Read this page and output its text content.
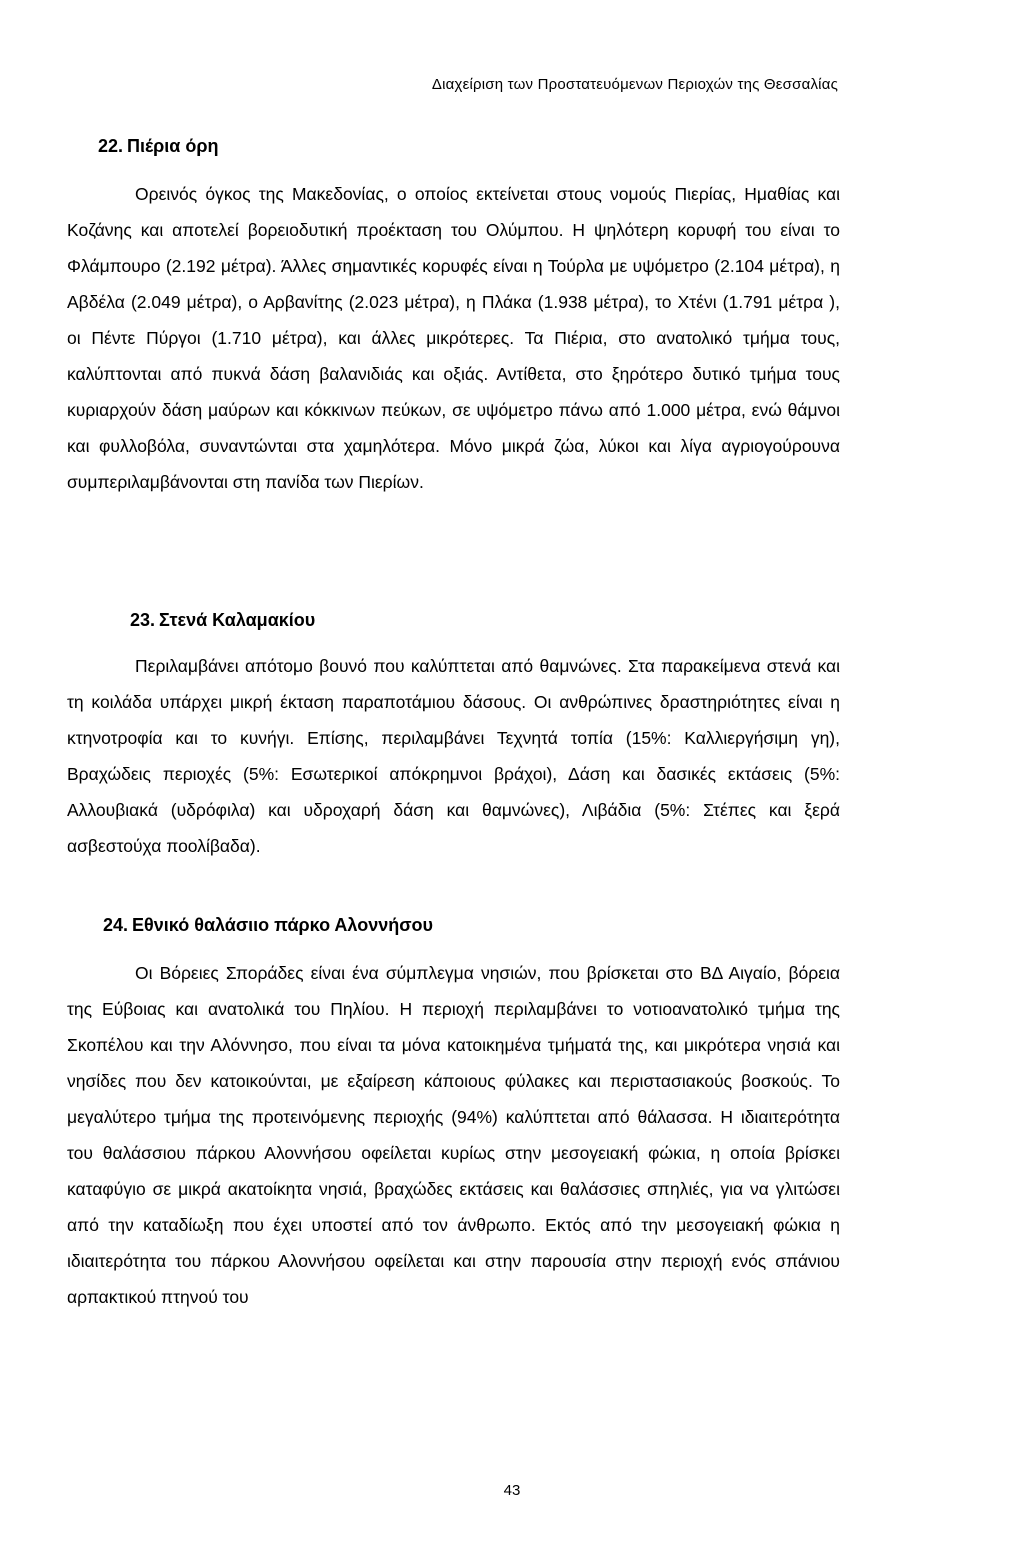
Διαχείριση των Προστατευόμενων Περιοχών της Θεσσαλίας
22. Πιέρια όρη

Ορεινός όγκος της Μακεδονίας, ο οποίος εκτείνεται στους νομούς Πιερίας, Ημαθίας και Κοζάνης και αποτελεί βορειοδυτική προέκταση του Ολύμπου. Η ψηλότερη κορυφή του είναι το Φλάμπουρο (2.192 μέτρα). Άλλες σημαντικές κορυφές είναι η Τούρλα με υψόμετρο (2.104 μέτρα), η Αβδέλα (2.049 μέτρα), ο Αρβανίτης (2.023 μέτρα), η Πλάκα (1.938 μέτρα), το Χτένι (1.791 μέτρα ), οι Πέντε Πύργοι (1.710 μέτρα), και άλλες μικρότερες. Τα Πιέρια, στο ανατολικό τμήμα τους, καλύπτονται από πυκνά δάση βαλανιδιάς και οξιάς. Αντίθετα, στο ξηρότερο δυτικό τμήμα τους κυριαρχούν δάση μαύρων και κόκκινων πεύκων, σε υψόμετρο πάνω από 1.000 μέτρα, ενώ θάμνοι και φυλλοβόλα, συναντώνται στα χαμηλότερα. Μόνο μικρά ζώα, λύκοι και λίγα αγριογούρουνα συμπεριλαμβάνονται στη πανίδα των Πιερίων.

23. Στενά Καλαμακίου

Περιλαμβάνει απότομο βουνό που καλύπτεται από θαμνώνες. Στα παρακείμενα στενά και τη κοιλάδα υπάρχει μικρή έκταση παραποτάμιου δάσους. Οι ανθρώπινες δραστηριότητες είναι η κτηνοτροφία και το κυνήγι. Επίσης, περιλαμβάνει Τεχνητά τοπία (15%: Καλλιεργήσιμη γη), Βραχώδεις περιοχές (5%: Εσωτερικοί απόκρημνοι βράχοι), Δάση και δασικές εκτάσεις (5%: Αλλουβιακά (υδρόφιλα) και υδροχαρή δάση και θαμνώνες), Λιβάδια (5%: Στέπες και ξερά ασβεστούχα ποολίβαδα).

24. Εθνικό θαλάσιιο πάρκο Αλοννήσου

Οι Βόρειες Σποράδες είναι ένα σύμπλεγμα νησιών, που βρίσκεται στο ΒΔ Αιγαίο, βόρεια της Εύβοιας και ανατολικά του Πηλίου. Η περιοχή περιλαμβάνει το νοτιοανατολικό τμήμα της Σκοπέλου και την Αλόννησο, που είναι τα μόνα κατοικημένα τμήματά της, και μικρότερα νησιά και νησίδες που δεν κατοικούνται, με εξαίρεση κάποιους φύλακες και περιστασιακούς βοσκούς. Το μεγαλύτερο τμήμα της προτεινόμενης περιοχής (94%) καλύπτεται από θάλασσα. Η ιδιαιτερότητα του θαλάσσιου πάρκου Αλοννήσου οφείλεται κυρίως στην μεσογειακή φώκια, η οποία βρίσκει καταφύγιο σε μικρά ακατοίκητα νησιά, βραχώδες εκτάσεις και θαλάσσιες σπηλιές, για να γλιτώσει από την καταδίωξη που έχει υποστεί από τον άνθρωπο. Εκτός από την μεσογειακή φώκια η ιδιαιτερότητα του πάρκου Αλοννήσου οφείλεται και στην παρουσία στην περιοχή ενός σπάνιου αρπακτικού πτηνού του

43
